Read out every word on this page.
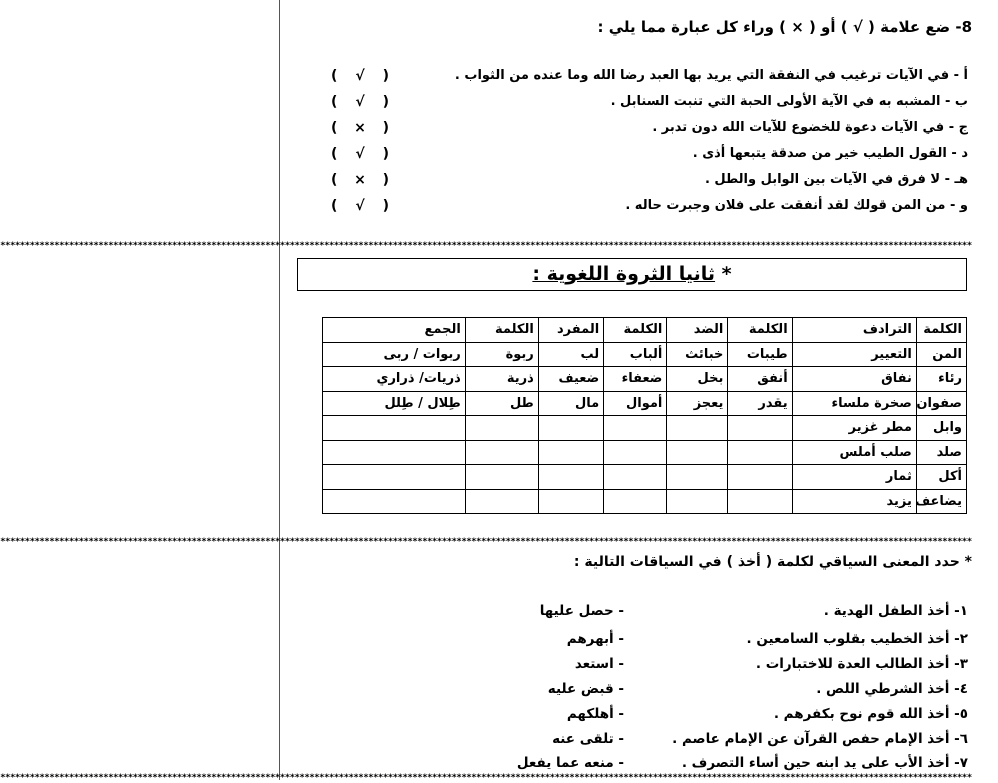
8- ضع علامة ( √ ) أو ( × ) وراء كل عبارة مما يلي :
أ - في الآيات ترغيب في النفقة التي يريد بها العبد رضا الله وما عنده من الثواب .
(
√
)
ب - المشبه به في الآية الأولى الحبة التي تنبت السنابل .
(
√
)
ج - في الآيات دعوة للخضوع للآيات الله دون تدبر .
(
×
)
د - القول الطيب خير من صدقة يتبعها أذى .
(
√
)
هـ - لا فرق في الآيات بين الوابل والطل .
(
×
)
و - من المن قولك لقد أنفقت على فلان وجبرت حاله .
(
√
)
******************************************************************************************************************************************************************************************************
* ثانيا الثروة اللغوية :
الكلمة	الترادف	الكلمة	الضد	الكلمة	المفرد	الكلمة	الجمع
المن	التعيير	طيبات	خبائث	ألباب	لب	ربوة	ربوات / ربى
رئاء	نفاق	أنفق	بخل	ضعفاء	ضعيف	ذرية	ذريات/ ذراري
صفوان	صخرة ملساء	يقدر	يعجز	أموال	مال	طل	طِلال / طِلل
وابل	مطر غزير						
صلد	صلب أملس						
أكل	ثمار						
يضاعف	يزيد						
******************************************************************************************************************************************************************************************************
* حدد المعنى السياقي لكلمة ( أخذ ) في السياقات التالية :
١- أخذ الطفل الهدية .
- حصل عليها
٢- أخذ الخطيب بقلوب السامعين .
- أبهرهم
٣- أخذ الطالب العدة للاختبارات .
- استعد
٤- أخذ الشرطي اللص .
- قبض عليه
٥- أخذ الله قوم نوح بكفرهم .
- أهلكهم
٦- أخذ الإمام حفص القرآن عن الإمام عاصم .
- تلقى عنه
٧- أخذ الأب على يد ابنه حين أساء التصرف .
- منعه عما يفعل
******************************************************************************************************************************************************************************************************
